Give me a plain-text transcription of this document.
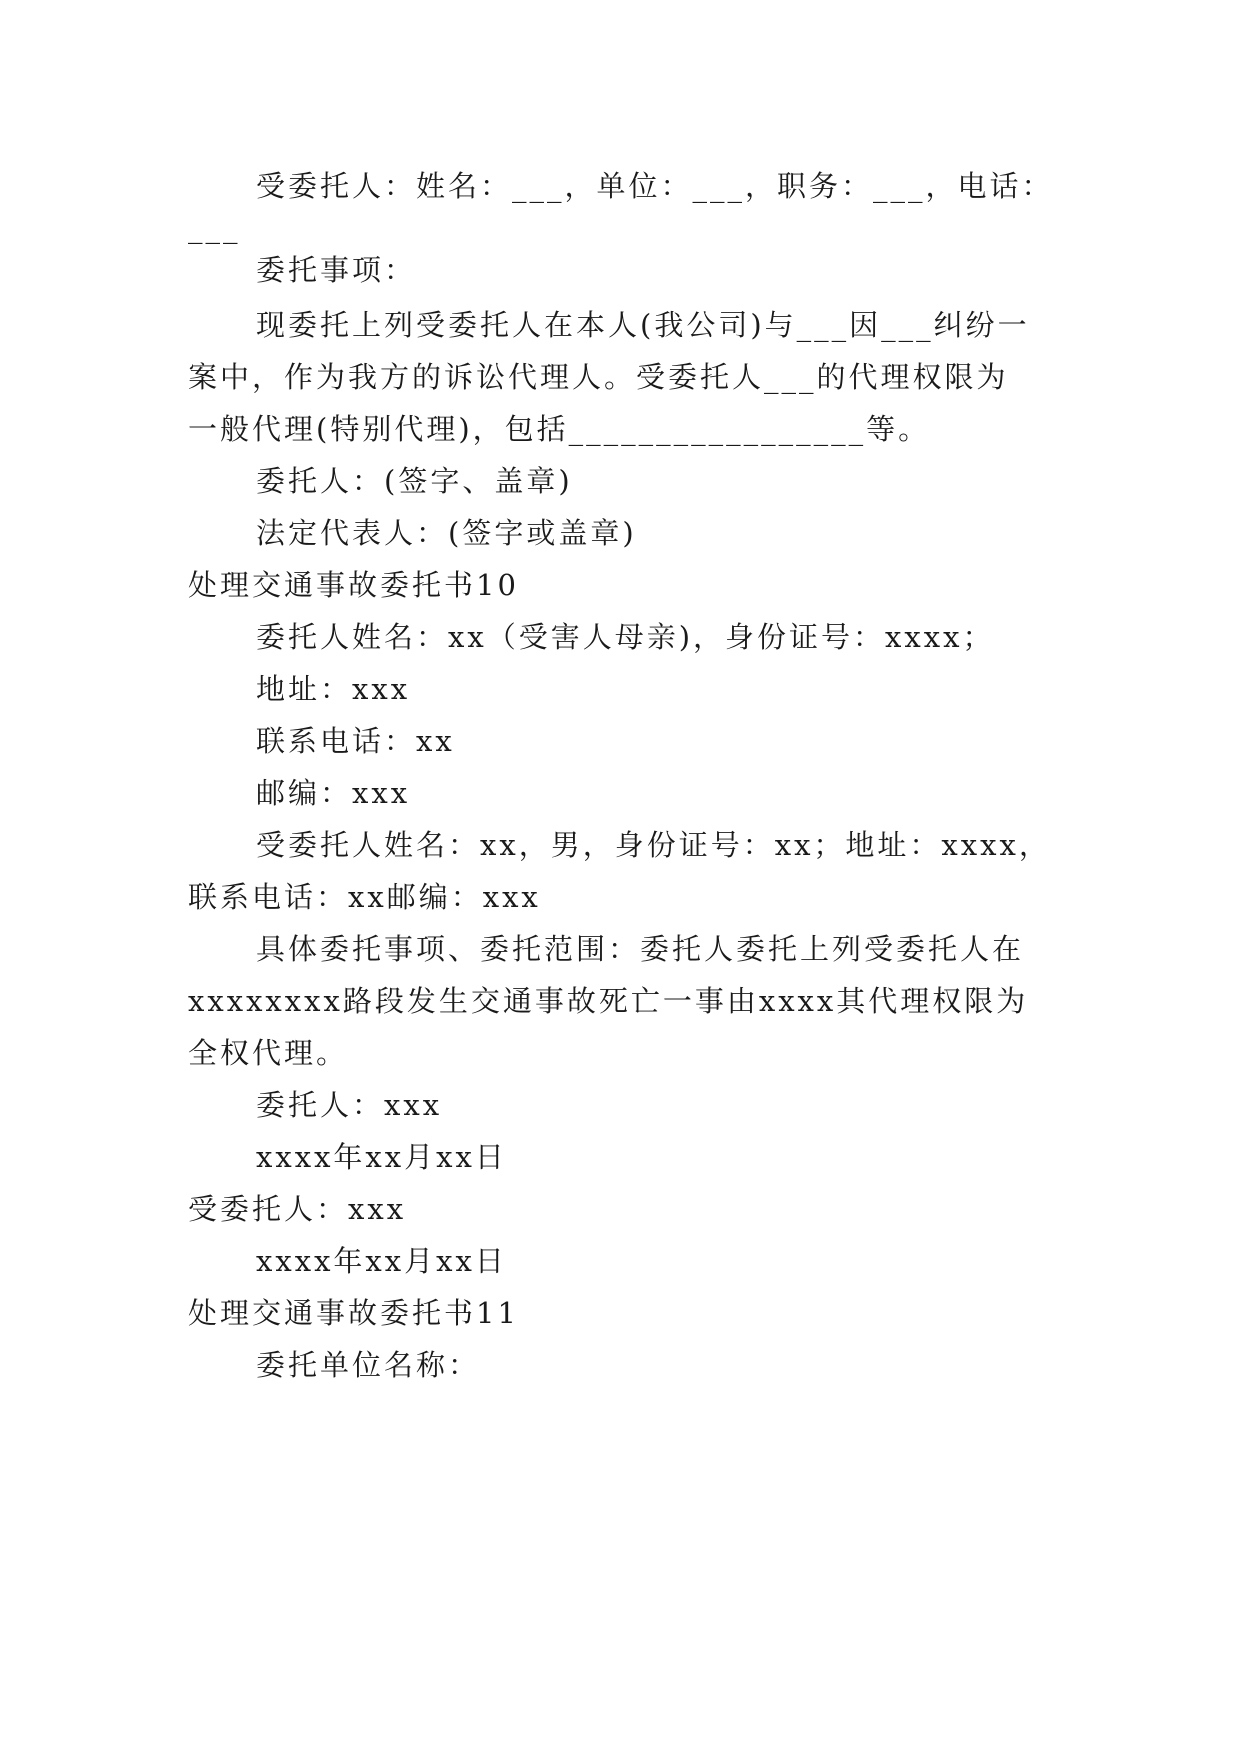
受委托人：姓名：___，单位：___，职务：___，电话：
___
委托事项：
现委托上列受委托人在本人(我公司)与___因___纠纷一
案中，作为我方的诉讼代理人。受委托人___的代理权限为
一般代理(特别代理)，包括_________________等。
委托人：(签字、盖章)
法定代表人：(签字或盖章)
处理交通事故委托书10
委托人姓名：xx（受害人母亲)，身份证号：xxxx；
地址：xxx
联系电话：xx
邮编：xxx
受委托人姓名：xx，男，身份证号：xx；地址：xxxx，
联系电话：xx邮编：xxx
具体委托事项、委托范围：委托人委托上列受委托人在
xxxxxxxx路段发生交通事故死亡一事由xxxx其代理权限为
全权代理。
委托人：xxx
xxxx年xx月xx日
受委托人：xxx
xxxx年xx月xx日
处理交通事故委托书11
委托单位名称：
